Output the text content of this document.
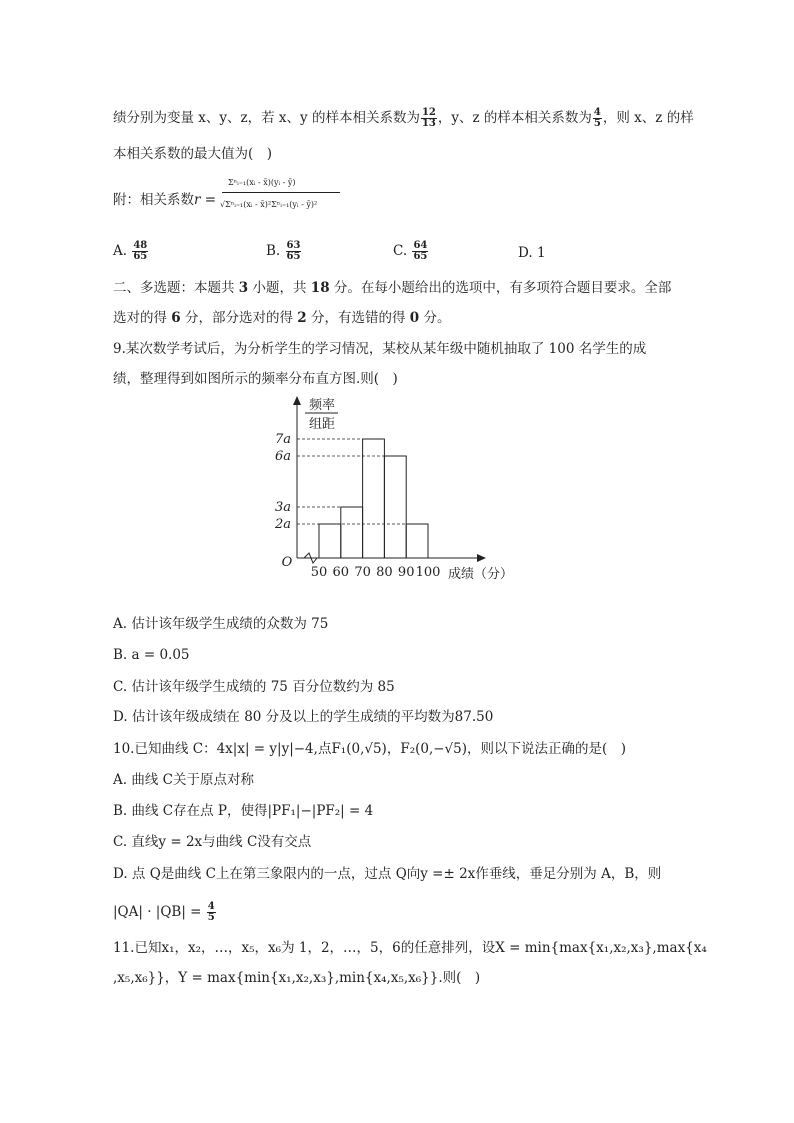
绩分别为变量 x、y、z，若 x、y 的样本相关系数为 $\frac{12}{13}$ ，y、z 的样本相关系数为 $\frac{4}{5}$ ，则 x、z 的样
本相关系数的最大值为(　)
附：相关系数r =
Σⁿᵢ₌₁(xᵢ - x̄)(yᵢ - ȳ)
√Σⁿᵢ₌₁(xᵢ - x̄)²Σⁿᵢ₌₁(yᵢ - ȳ)²
A. $\frac{48}{65}$	B. $\frac{63}{65}$	C. $\frac{64}{65}$	D. 1
二、多选题：本题共 3 小题，共 18 分。在每小题给出的选项中，有多项符合题目要求。全部
选对的得 6 分，部分选对的得 2 分，有选错的得 0 分。
9.某次数学考试后，为分析学生的学习情况，某校从某年级中随机抽取了 100 名学生的成
绩，整理得到如图所示的频率分布直方图.则(　)
频率
组距
O
成绩（分）
2a
3a
6a
7a
50 60 70 80 90 100
A. 估计该年级学生成绩的众数为 75
B. a = 0.05
C. 估计该年级学生成绩的 75 百分位数约为 85
D. 估计该年级成绩在 80 分及以上的学生成绩的平均数为87.50
10.已知曲线 C：4x|x| = y|y|−4,点F₁(0,√5)，F₂(0,−√5)，则以下说法正确的是(　)
A. 曲线 C关于原点对称
B. 曲线 C存在点 P，使得|PF₁|−|PF₂| = 4
C. 直线y = 2x与曲线 C没有交点
D. 点 Q是曲线 C上在第三象限内的一点，过点 Q向y =± 2x作垂线，垂足分别为 A，B，则
$|QA| \cdot |QB| = \frac{4}{5}$
11.已知x₁，x₂，…，x₅，x₆为 1，2，…，5，6的任意排列，设X = min{max{x₁,x₂,x₃},max{x₄
,x₅,x₆}}，Y = max{min{x₁,x₂,x₃},min{x₄,x₅,x₆}}.则(　)
